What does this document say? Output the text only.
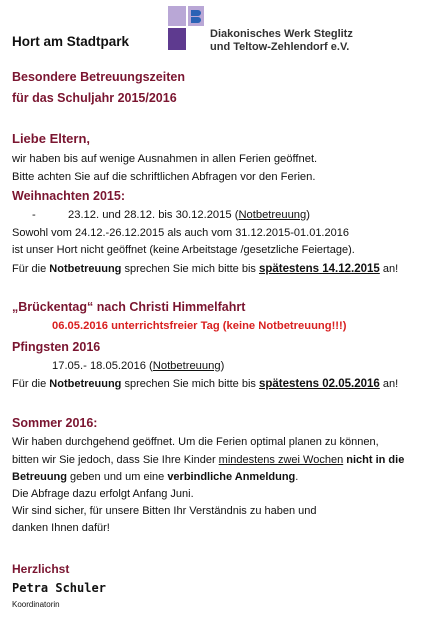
Hort am Stadtpark	Diakonisches Werk Steglitz
und Teltow-Zehlendorf e.V.
Besondere Betreuungszeiten
für das Schuljahr 2015/2016
Liebe Eltern,
wir haben bis auf wenige Ausnahmen in allen Ferien geöffnet.
Bitte achten Sie auf die schriftlichen Abfragen vor den Ferien.
Weihnachten 2015:
-	23.12. und 28.12. bis 30.12.2015 (Notbetreuung)
Sowohl vom 24.12.-26.12.2015 als auch vom 31.12.2015-01.01.2016
ist unser Hort nicht geöffnet (keine Arbeitstage /gesetzliche Feiertage).
Für die Notbetreuung sprechen Sie mich bitte bis spätestens 14.12.2015 an!
„Brückentag“ nach Christi Himmelfahrt
06.05.2016 unterrichtsfreier Tag (keine Notbetreuung!!!)
Pfingsten 2016
17.05.- 18.05.2016 (Notbetreuung)
Für die Notbetreuung sprechen Sie mich bitte bis spätestens 02.05.2016 an!
Sommer 2016:
Wir haben durchgehend geöffnet. Um die Ferien optimal planen zu können,
bitten wir Sie jedoch, dass Sie Ihre Kinder mindestens zwei Wochen nicht in die
Betreuung geben und um eine verbindliche Anmeldung.
Die Abfrage dazu erfolgt Anfang Juni.
Wir sind sicher, für unsere Bitten Ihr Verständnis zu haben und
danken Ihnen dafür!
Herzlichst
Petra Schuler
Koordinatorin
